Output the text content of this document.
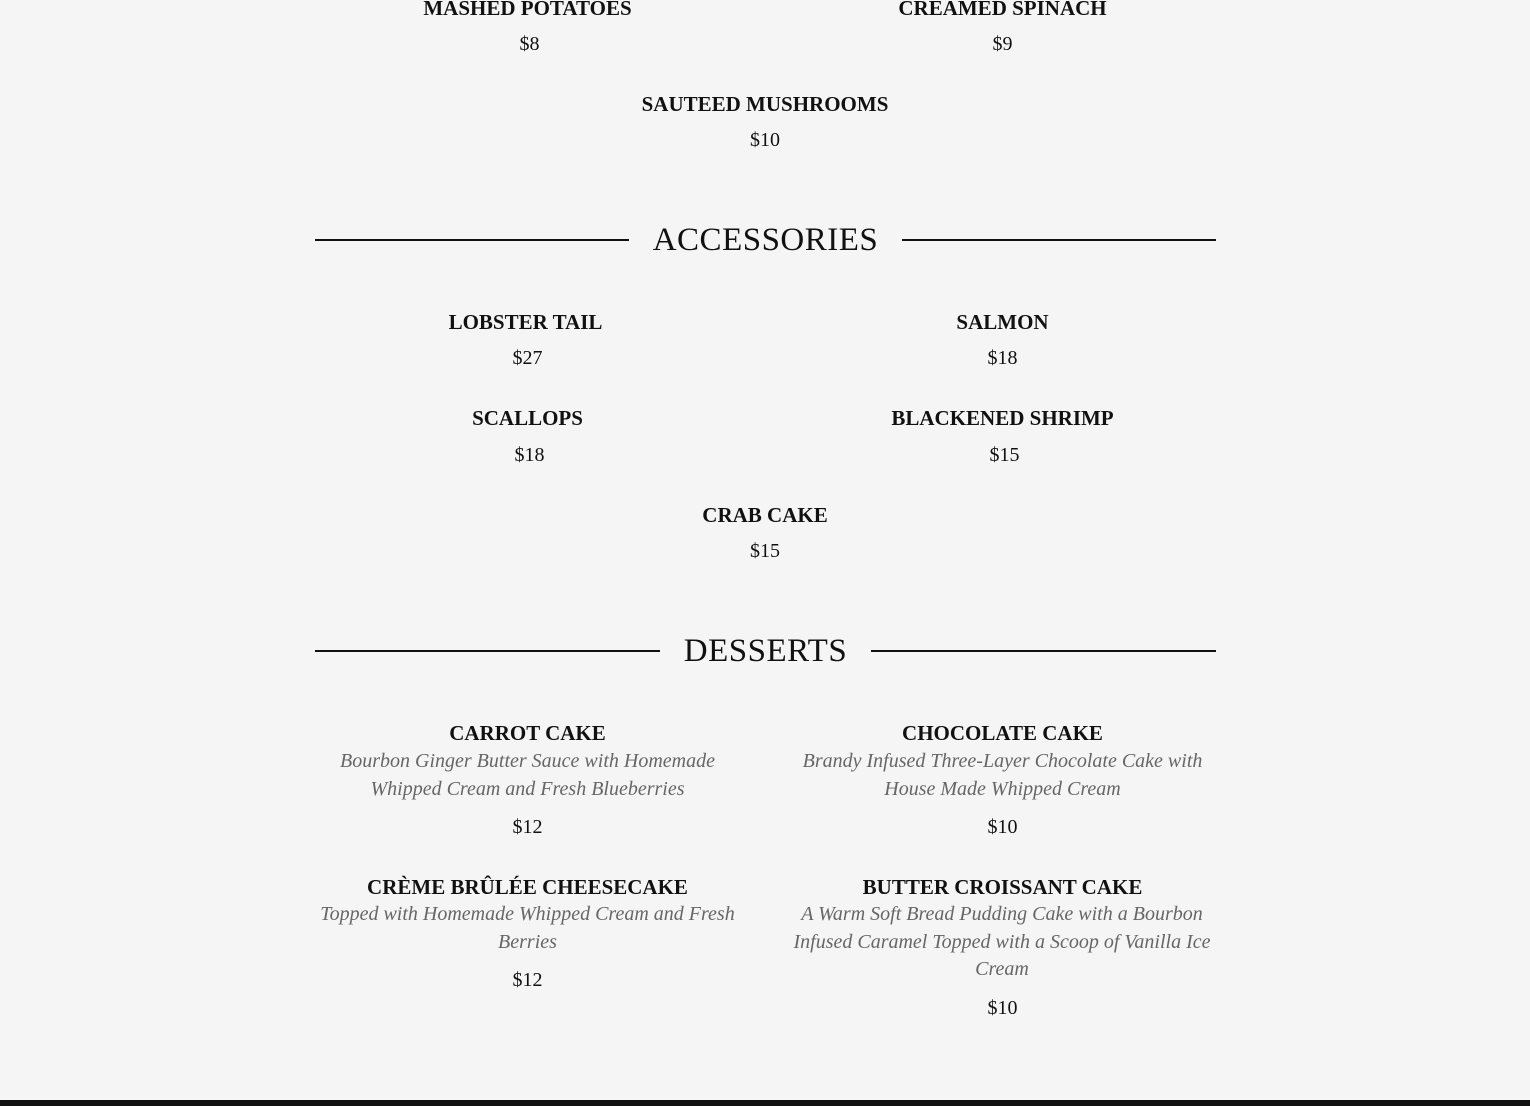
MASHED POTATOES
$8
CREAMED SPINACH
$9
SAUTEED MUSHROOMS
$10
ACCESSORIES
LOBSTER TAIL
$27
SALMON
$18
SCALLOPS
$18
BLACKENED SHRIMP
$15
CRAB CAKE
$15
DESSERTS
CARROT CAKE
Bourbon Ginger Butter Sauce with Homemade Whipped Cream and Fresh Blueberries
$12
CHOCOLATE CAKE
Brandy Infused Three-Layer Chocolate Cake with House Made Whipped Cream
$10
CRÈME BRÛLÉE CHEESECAKE
Topped with Homemade Whipped Cream and Fresh Berries
$12
BUTTER CROISSANT CAKE
A Warm Soft Bread Pudding Cake with a Bourbon Infused Caramel Topped with a Scoop of Vanilla Ice Cream
$10
